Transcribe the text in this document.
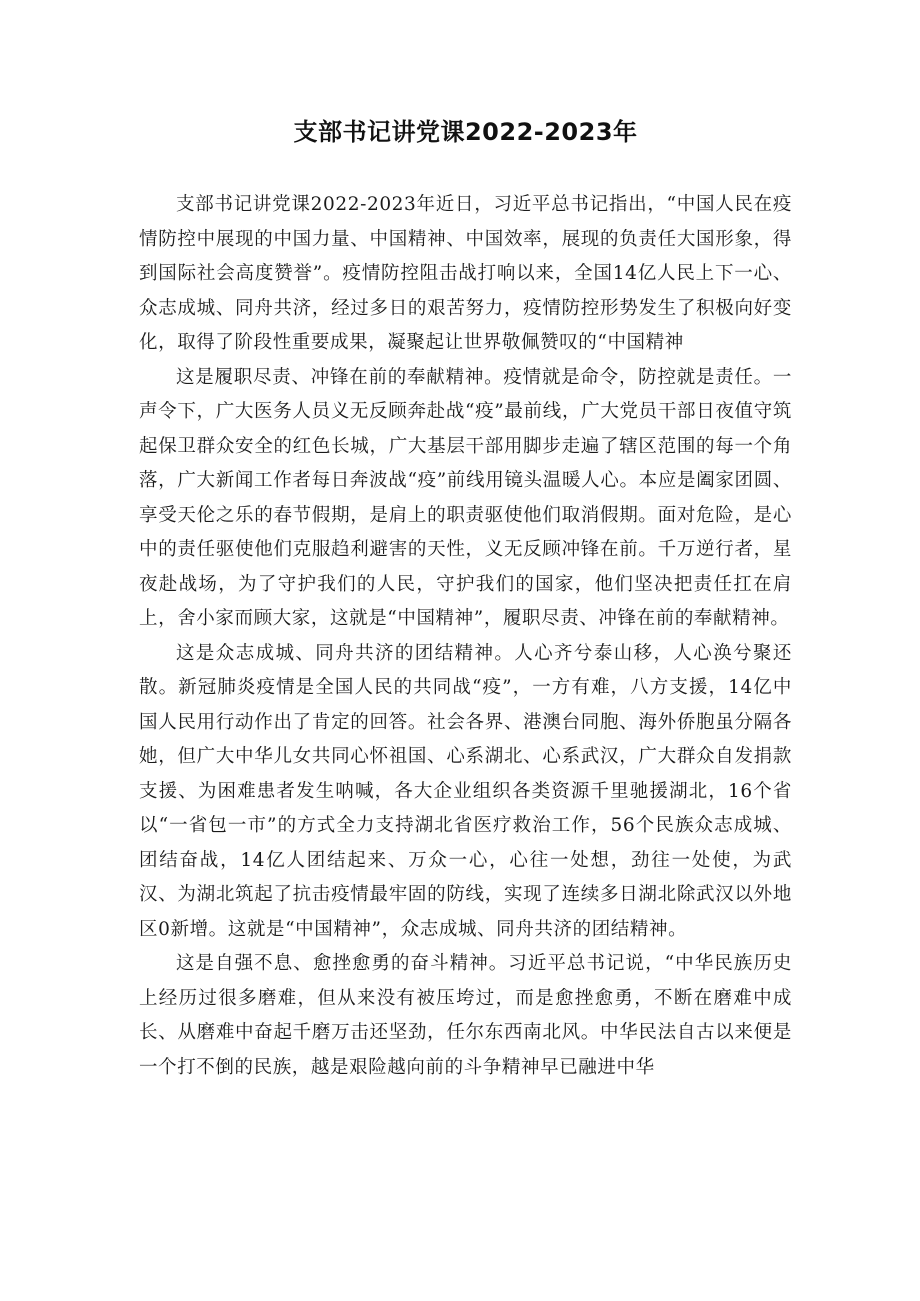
支部书记讲党课2022-2023年

支部书记讲党课2022-2023年近日，习近平总书记指出，“中国人民在疫情防控中展现的中国力量、中国精神、中国效率，展现的负责任大国形象，得到国际社会高度赞誉”。疫情防控阻击战打响以来，全国14亿人民上下一心、众志成城、同舟共济，经过多日的艰苦努力，疫情防控形势发生了积极向好变化，取得了阶段性重要成果，凝聚起让世界敬佩赞叹的“中国精神

这是履职尽责、冲锋在前的奉献精神。疫情就是命令，防控就是责任。一声令下，广大医务人员义无反顾奔赴战“疫”最前线，广大党员干部日夜值守筑起保卫群众安全的红色长城，广大基层干部用脚步走遍了辖区范围的每一个角落，广大新闻工作者每日奔波战“疫”前线用镜头温暖人心。本应是阖家团圆、享受天伦之乐的春节假期，是肩上的职责驱使他们取消假期。面对危险，是心中的责任驱使他们克服趋利避害的天性，义无反顾冲锋在前。千万逆行者，星夜赴战场，为了守护我们的人民，守护我们的国家，他们坚决把责任扛在肩上，舍小家而顾大家，这就是“中国精神”，履职尽责、冲锋在前的奉献精神。

这是众志成城、同舟共济的团结精神。人心齐兮泰山移，人心涣兮聚还散。新冠肺炎疫情是全国人民的共同战“疫”，一方有难，八方支援，14亿中国人民用行动作出了肯定的回答。社会各界、港澳台同胞、海外侨胞虽分隔各她，但广大中华儿女共同心怀祖国、心系湖北、心系武汉，广大群众自发捐款支援、为困难患者发生呐喊，各大企业组织各类资源千里驰援湖北，16个省以“一省包一市”的方式全力支持湖北省医疗救治工作，56个民族众志成城、团结奋战，14亿人团结起来、万众一心，心往一处想，劲往一处使，为武汉、为湖北筑起了抗击疫情最牢固的防线，实现了连续多日湖北除武汉以外地区0新增。这就是“中国精神”，众志成城、同舟共济的团结精神。

这是自强不息、愈挫愈勇的奋斗精神。习近平总书记说，“中华民族历史上经历过很多磨难，但从来没有被压垮过，而是愈挫愈勇，不断在磨难中成长、从磨难中奋起千磨万击还坚劲，任尔东西南北风。中华民法自古以来便是一个打不倒的民族，越是艰险越向前的斗争精神早已融进中华
